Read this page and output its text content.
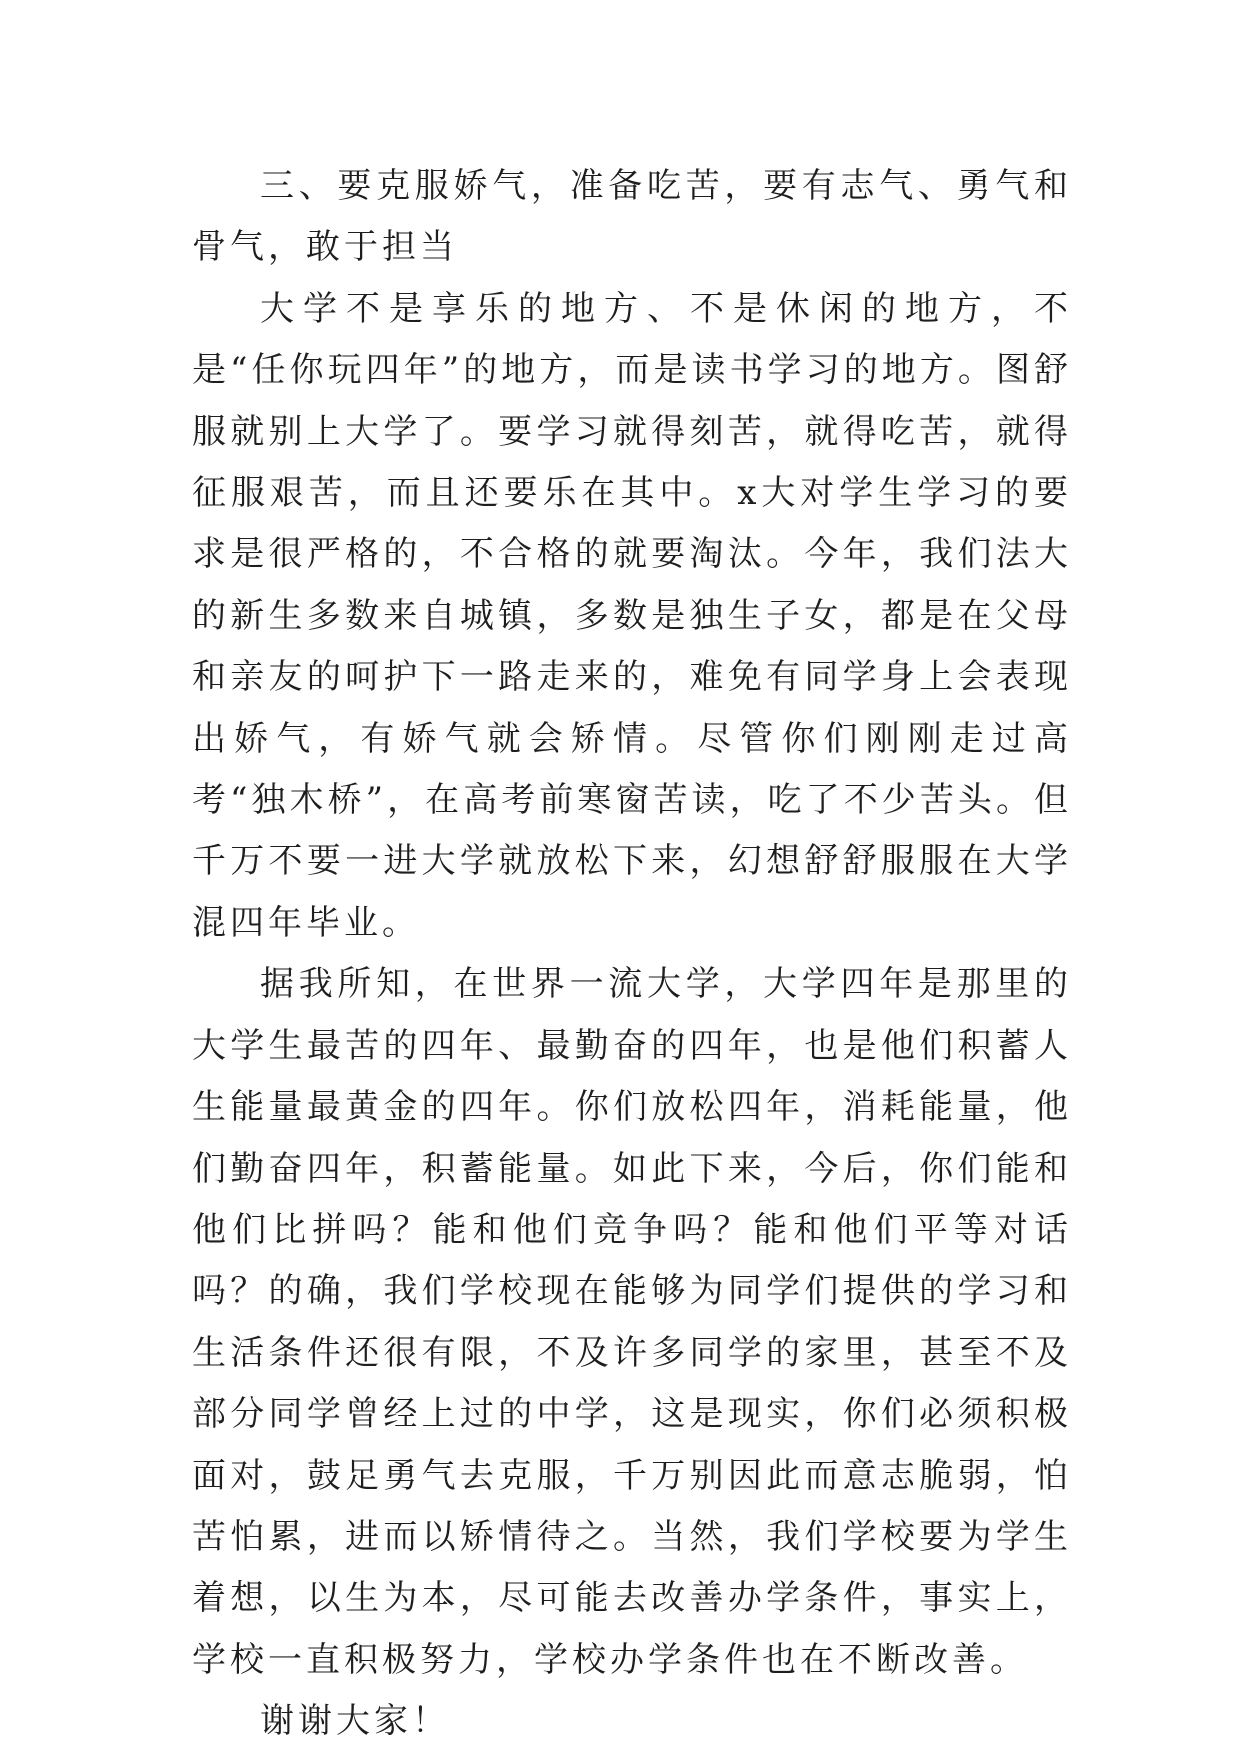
三、要克服娇气，准备吃苦，要有志气、勇气和骨气，敢于担当

大学不是享乐的地方、不是休闲的地方，不是“任你玩四年”的地方，而是读书学习的地方。图舒服就别上大学了。要学习就得刻苦，就得吃苦，就得征服艰苦，而且还要乐在其中。x大对学生学习的要求是很严格的，不合格的就要淘汰。今年，我们法大的新生多数来自城镇，多数是独生子女，都是在父母和亲友的呵护下一路走来的，难免有同学身上会表现出娇气，有娇气就会矫情。尽管你们刚刚走过高考“独木桥”，在高考前寒窗苦读，吃了不少苦头。但千万不要一进大学就放松下来，幻想舒舒服服在大学混四年毕业。

据我所知，在世界一流大学，大学四年是那里的大学生最苦的四年、最勤奋的四年，也是他们积蓄人生能量最黄金的四年。你们放松四年，消耗能量，他们勤奋四年，积蓄能量。如此下来，今后，你们能和他们比拼吗？能和他们竞争吗？能和他们平等对话吗？的确，我们学校现在能够为同学们提供的学习和生活条件还很有限，不及许多同学的家里，甚至不及部分同学曾经上过的中学，这是现实，你们必须积极面对，鼓足勇气去克服，千万别因此而意志脆弱，怕苦怕累，进而以矫情待之。当然，我们学校要为学生着想，以生为本，尽可能去改善办学条件，事实上，学校一直积极努力，学校办学条件也在不断改善。

谢谢大家！
